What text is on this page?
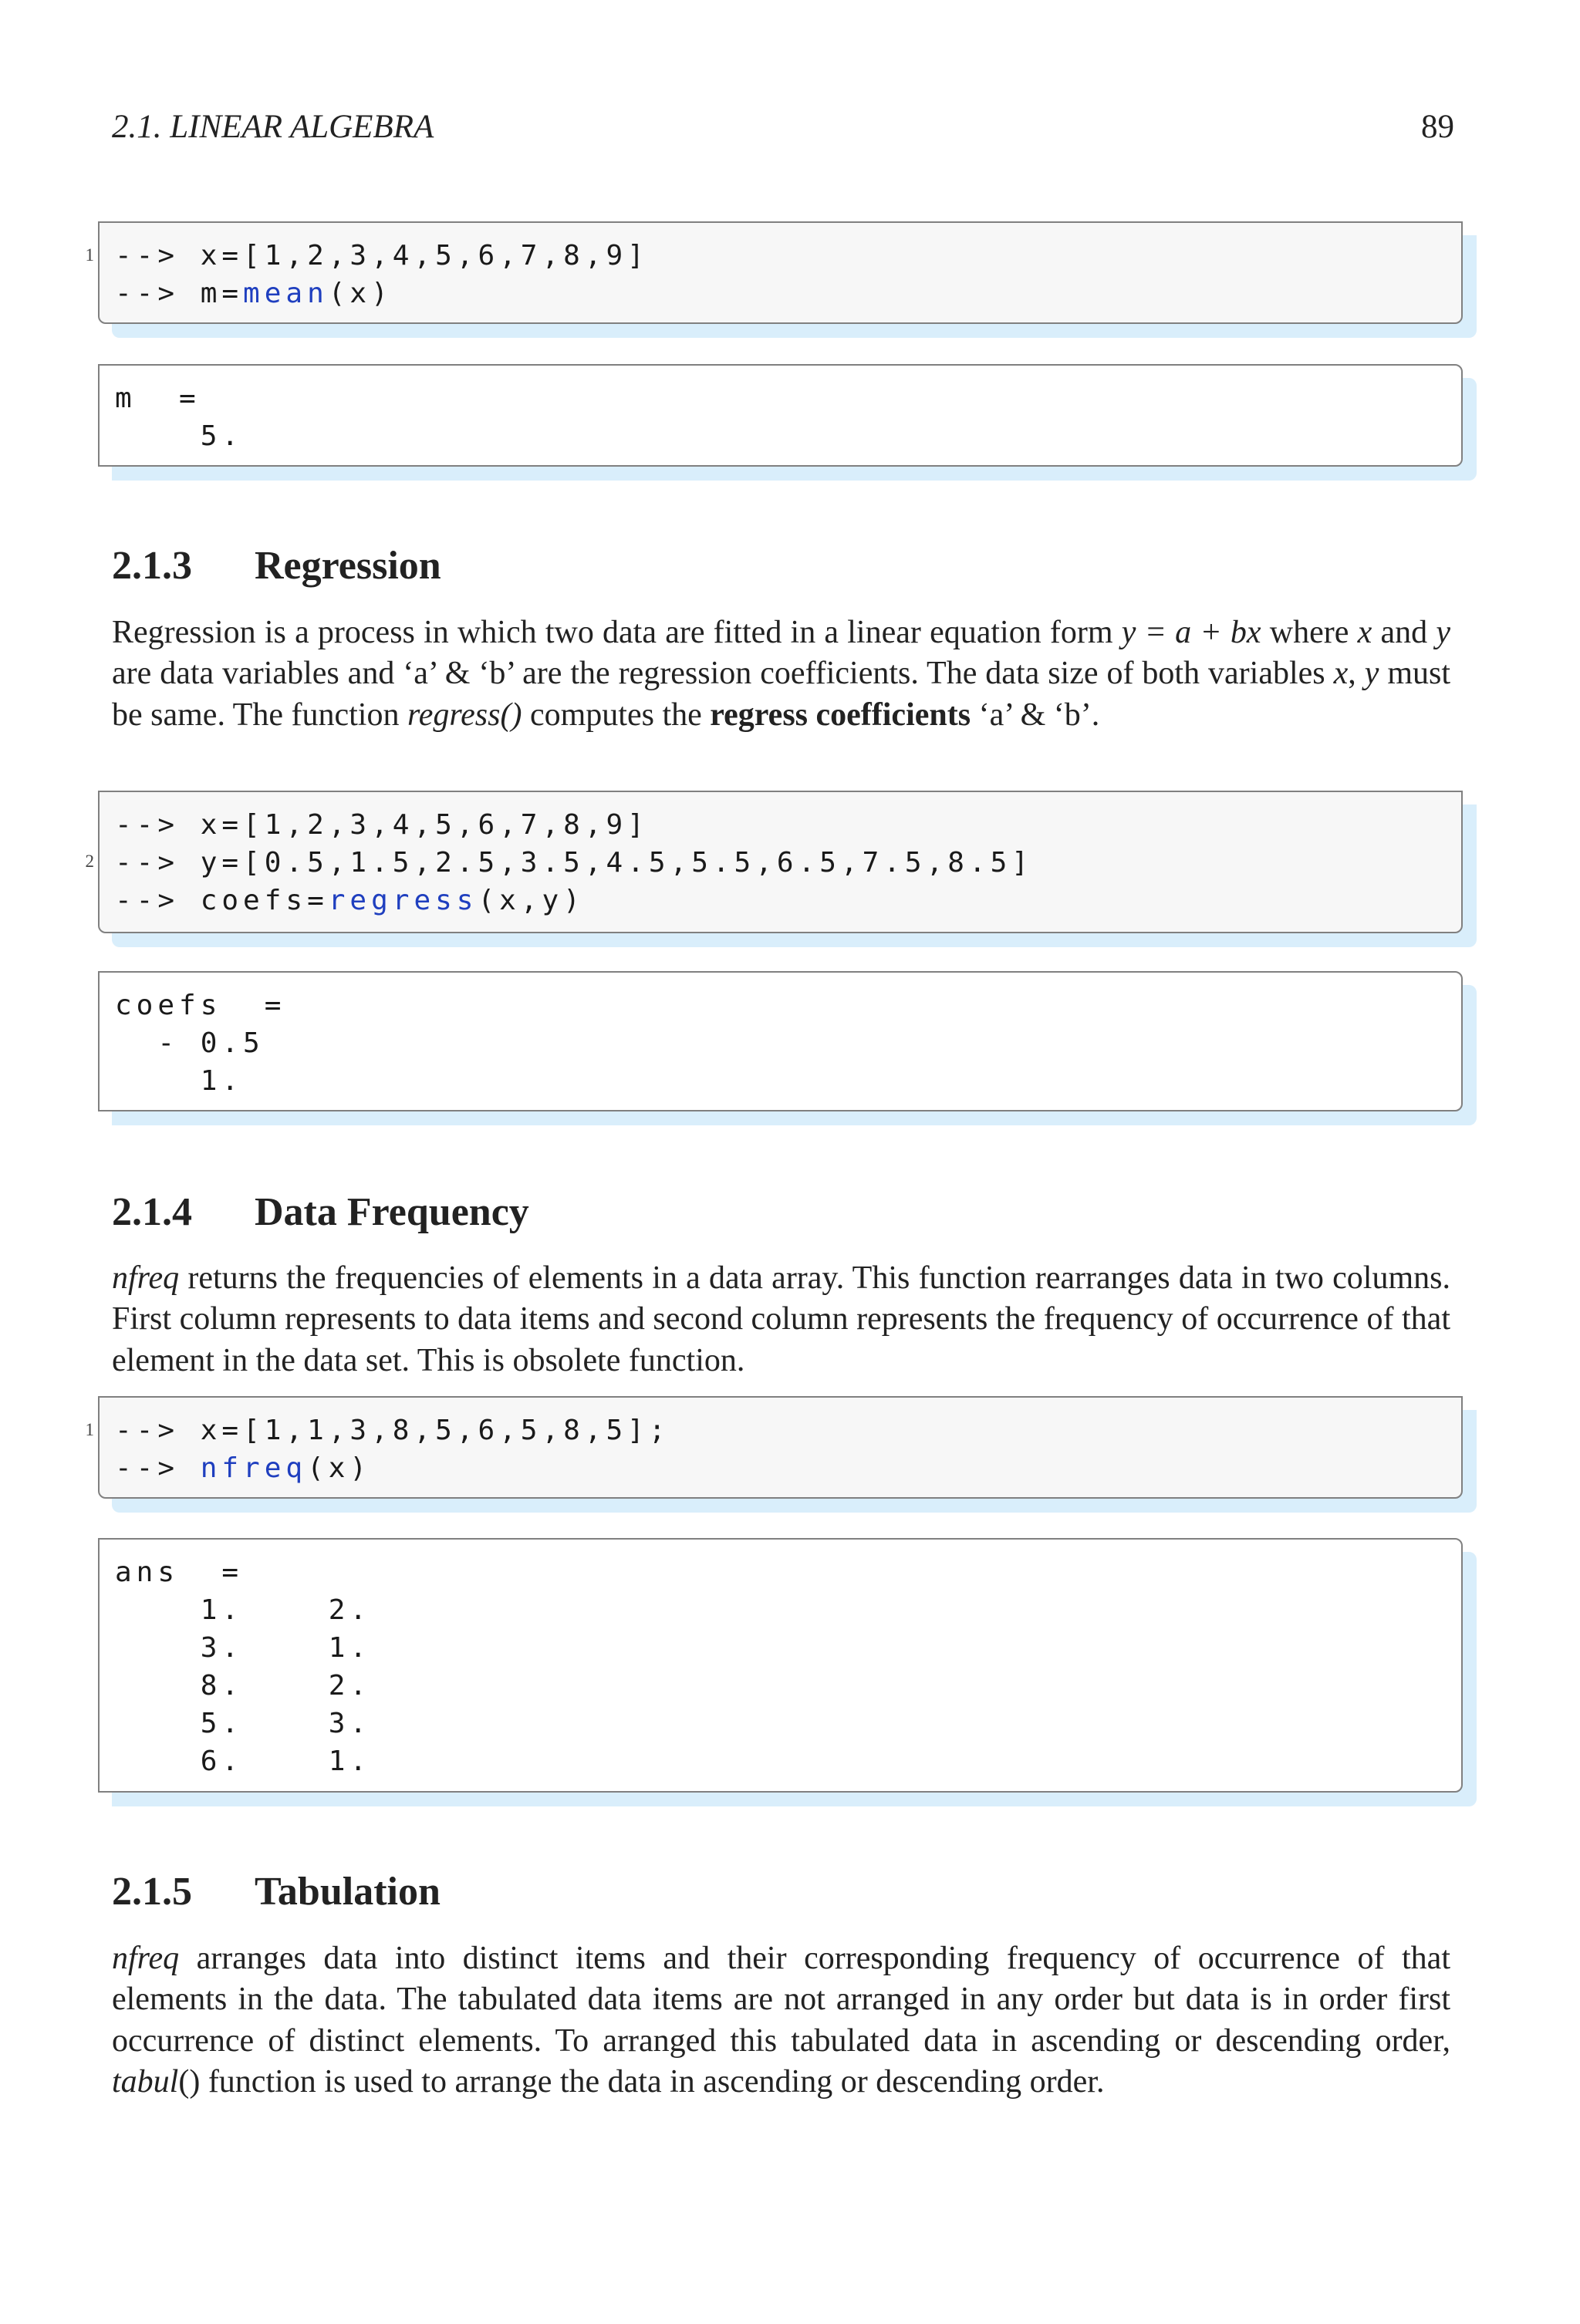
2.1. LINEAR ALGEBRA	89
1 --> x=[1,2,3,4,5,6,7,8,9]
--> m=mean(x)
m  =
5.
2.1.3 Regression
Regression is a process in which two data are fitted in a linear equation form y = a + bx where x and y are data variables and ‘a’ & ‘b’ are the regression coefficients. The data size of both variables x, y must be same. The function regress() computes the regress coefficients ‘a’ & ‘b’.
2
--> x=[1,2,3,4,5,6,7,8,9]
--> y=[0.5,1.5,2.5,3.5,4.5,5.5,6.5,7.5,8.5]
--> coefs=regress(x,y)
coefs  =
- 0.5
1.
2.1.4 Data Frequency
nfreq returns the frequencies of elements in a data array. This function rearranges data in two columns. First column represents to data items and second column represents the frequency of occurrence of that element in the data set. This is obsolete function.
1 --> x=[1,1,3,8,5,6,5,8,5];
--> nfreq(x)
ans  =
1.    2.
3.    1.
8.    2.
5.    3.
6.    1.
2.1.5 Tabulation
nfreq arranges data into distinct items and their corresponding frequency of occurrence of that elements in the data. The tabulated data items are not arranged in any order but data is in order first occurrence of distinct elements. To arranged this tabulated data in ascending or descending order, tabul() function is used to arrange the data in ascending or descending order.
